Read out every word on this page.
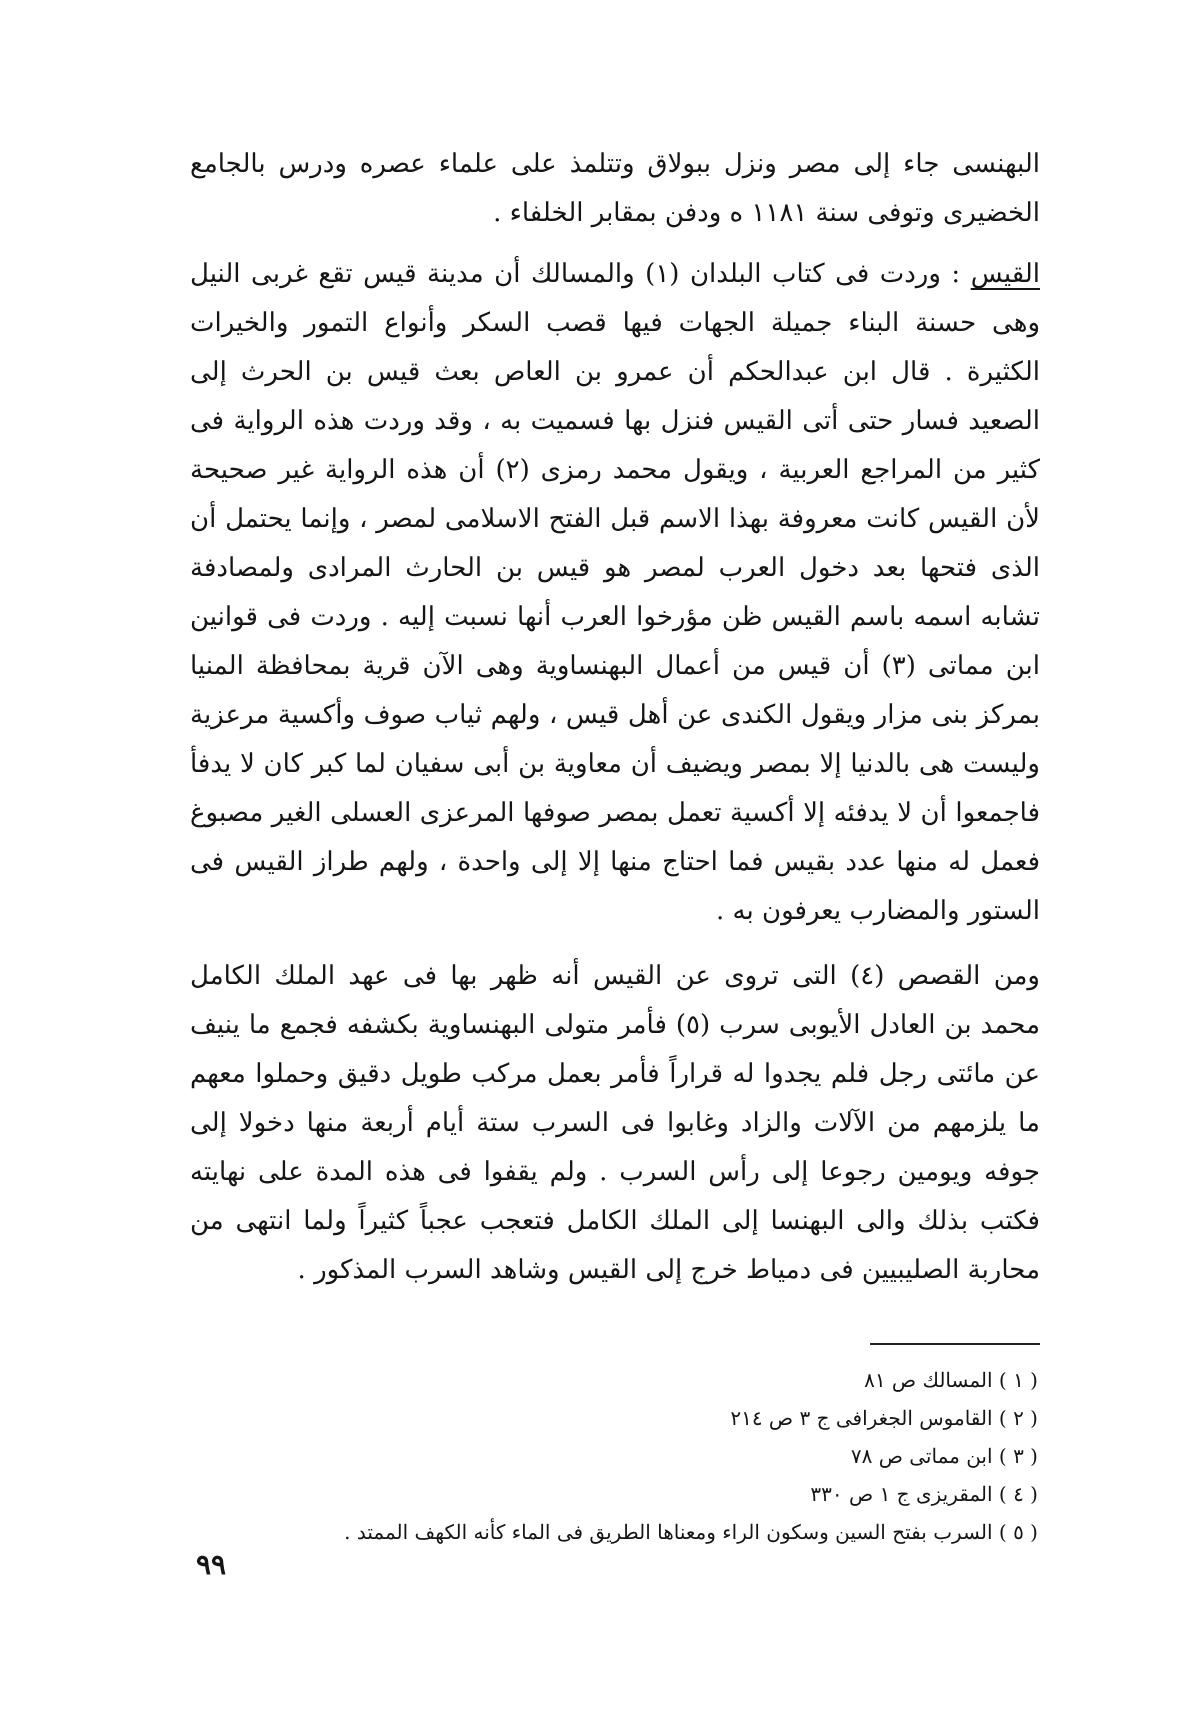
البهنسى جاء إلى مصر ونزل ببولاق وتتلمذ على علماء عصره ودرس بالجامع الخضيرى وتوفى سنة ١١٨١ ه ودفن بمقابر الخلفاء .

القيس : وردت فى كتاب البلدان (١) والمسالك أن مدينة قيس تقع غربى النيل وهى حسنة البناء جميلة الجهات فيها قصب السكر وأنواع التمور والخيرات الكثيرة . قال ابن عبدالحكم أن عمرو بن العاص بعث قيس بن الحرث إلى الصعيد فسار حتى أتى القيس فنزل بها فسميت به ، وقد وردت هذه الرواية فى كثير من المراجع العربية ، ويقول محمد رمزى (٢) أن هذه الرواية غير صحيحة لأن القيس كانت معروفة بهذا الاسم قبل الفتح الاسلامى لمصر ، وإنما يحتمل أن الذى فتحها بعد دخول العرب لمصر هو قيس بن الحارث المرادى ولمصادفة تشابه اسمه باسم القيس ظن مؤرخوا العرب أنها نسبت إليه . وردت فى قوانين ابن مماتى (٣) أن قيس من أعمال البهنساوية وهى الآن قرية بمحافظة المنيا بمركز بنى مزار ويقول الكندى عن أهل قيس ، ولهم ثياب صوف وأكسية مرعزية وليست هى بالدنيا إلا بمصر ويضيف أن معاوية بن أبى سفيان لما كبر كان لا يدفأ فاجمعوا أن لا يدفئه إلا أكسية تعمل بمصر صوفها المرعزى العسلى الغير مصبوغ فعمل له منها عدد بقيس فما احتاج منها إلا إلى واحدة ، ولهم طراز القيس فى الستور والمضارب يعرفون به .

ومن القصص (٤) التى تروى عن القيس أنه ظهر بها فى عهد الملك الكامل محمد بن العادل الأيوبى سرب (٥) فأمر متولى البهنساوية بكشفه فجمع ما ينيف عن مائتى رجل فلم يجدوا له قراراً فأمر بعمل مركب طويل دقيق وحملوا معهم ما يلزمهم من الآلات والزاد وغابوا فى السرب ستة أيام أربعة منها دخولا إلى جوفه ويومين رجوعا إلى رأس السرب . ولم يقفوا فى هذه المدة على نهايته فكتب بذلك والى البهنسا إلى الملك الكامل فتعجب عجباً كثيراً ولما انتهى من محاربة الصليبيين فى دمياط خرج إلى القيس وشاهد السرب المذكور .

( ١ ) المسالك ص ٨١
( ٢ ) القاموس الجغرافى ج ٣ ص ٢١٤
( ٣ ) ابن مماتى ص ٧٨
( ٤ ) المقريزى ج ١ ص ٣٣٠
( ٥ ) السرب بفتح السين وسكون الراء ومعناها الطريق فى الماء كأنه الكهف الممتد .
٩٩
